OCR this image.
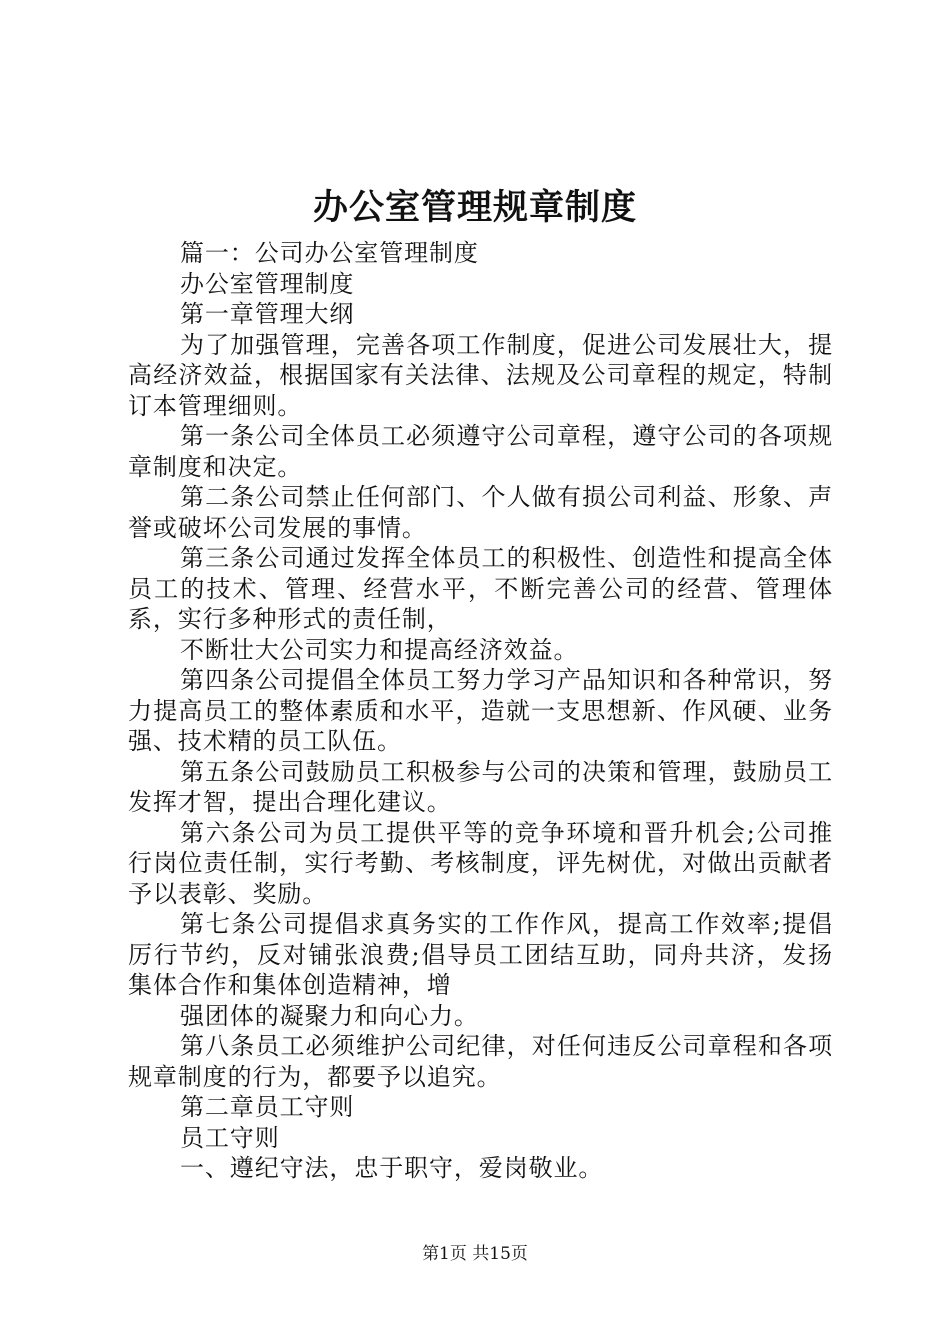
办公室管理规章制度

篇一：公司办公室管理制度

办公室管理制度

第一章管理大纲

为了加强管理，完善各项工作制度，促进公司发展壮大，提高经济效益，根据国家有关法律、法规及公司章程的规定，特制订本管理细则。

第一条公司全体员工必须遵守公司章程，遵守公司的各项规章制度和决定。

第二条公司禁止任何部门、个人做有损公司利益、形象、声誉或破坏公司发展的事情。

第三条公司通过发挥全体员工的积极性、创造性和提高全体员工的技术、管理、经营水平，不断完善公司的经营、管理体系，实行多种形式的责任制，

不断壮大公司实力和提高经济效益。

第四条公司提倡全体员工努力学习产品知识和各种常识，努力提高员工的整体素质和水平，造就一支思想新、作风硬、业务强、技术精的员工队伍。

第五条公司鼓励员工积极参与公司的决策和管理，鼓励员工发挥才智，提出合理化建议。

第六条公司为员工提供平等的竞争环境和晋升机会;公司推行岗位责任制，实行考勤、考核制度，评先树优，对做出贡献者予以表彰、奖励。

第七条公司提倡求真务实的工作作风，提高工作效率;提倡厉行节约，反对铺张浪费;倡导员工团结互助，同舟共济，发扬集体合作和集体创造精神，增

强团体的凝聚力和向心力。

第八条员工必须维护公司纪律，对任何违反公司章程和各项规章制度的行为，都要予以追究。

第二章员工守则

员工守则

一、遵纪守法，忠于职守，爱岗敬业。

第1页 共15页
